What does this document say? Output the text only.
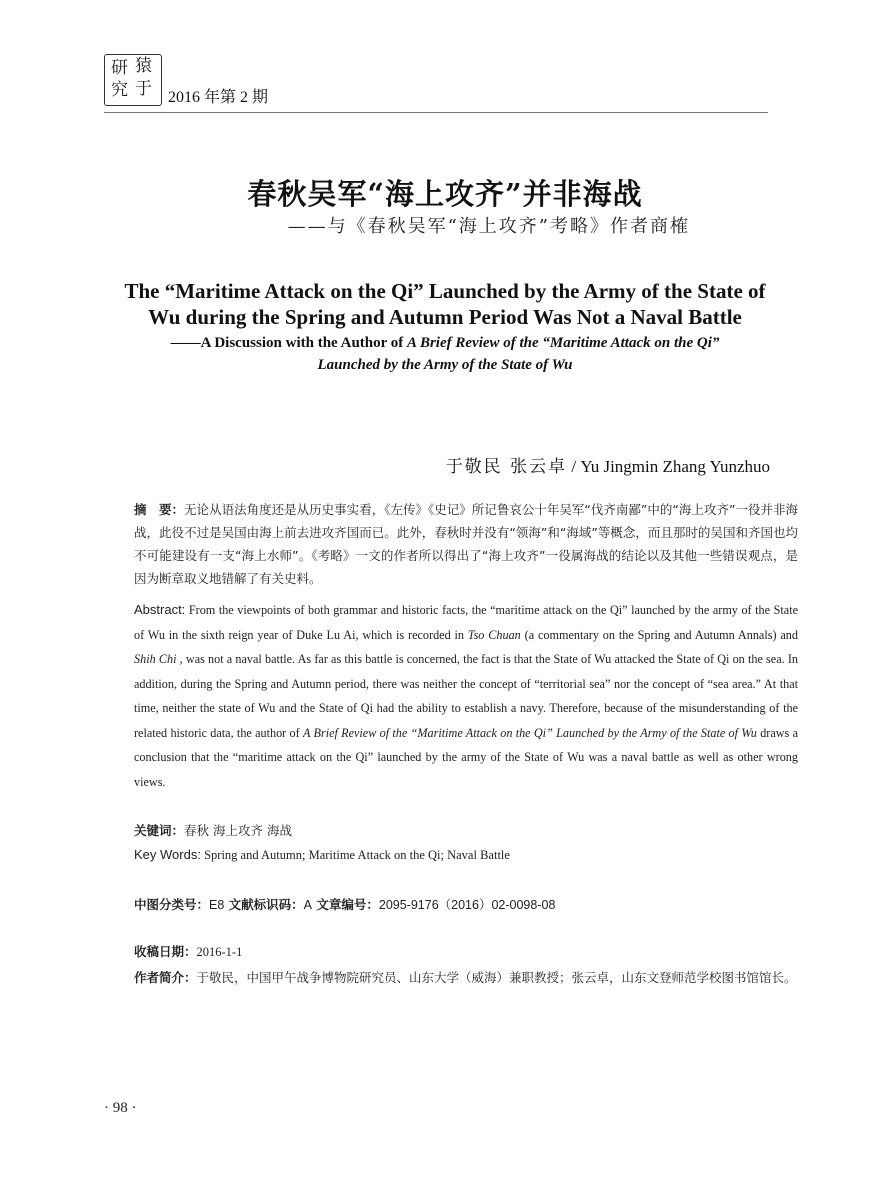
研 猿
究 于 2016 年第 2 期
春秋吴军“海上攻齐”并非海战
——与《春秋吴军“海上攻齐”考略》作者商榷
The “Maritime Attack on the Qi” Launched by the Army of the State of
Wu during the Spring and Autumn Period Was Not a Naval Battle
——A Discussion with the Author of A Brief Review of the “Maritime Attack on the Qi”
Launched by the Army of the State of Wu
于敬民 张云卓 / Yu Jingmin Zhang Yunzhuo
摘　要：无论从语法角度还是从历史事实看，《左传》《史记》所记鲁哀公十年吴军“伐齐南鄙”中的“海上攻齐”一役并非海战，此役不过是吴国由海上前去进攻齐国而已。此外，春秋时并没有“领海”和“海域”等概念，而且那时的吴国和齐国也均不可能建设有一支“海上水师”。《考略》一文的作者所以得出了“海上攻齐”一役属海战的结论以及其他一些错误观点，是因为断章取义地错解了有关史料。
Abstract: From the viewpoints of both grammar and historic facts, the “maritime attack on the Qi” launched by the army of the State of Wu in the sixth reign year of Duke Lu Ai, which is recorded in Tso Chuan (a commentary on the Spring and Autumn Annals) and Shih Chi , was not a naval battle. As far as this battle is concerned, the fact is that the State of Wu attacked the State of Qi on the sea. In addition, during the Spring and Autumn period, there was neither the concept of “territorial sea” nor the concept of “sea area.” At that time, neither the state of Wu and the State of Qi had the ability to establish a navy. Therefore, because of the misunderstanding of the related historic data, the author of A Brief Review of the “Maritime Attack on the Qi” Launched by the Army of the State of Wu draws a conclusion that the “maritime attack on the Qi” launched by the army of the State of Wu was a naval battle as well as other wrong views.
关键词：春秋 海上攻齐 海战
Key Words: Spring and Autumn; Maritime Attack on the Qi; Naval Battle
中图分类号：E8 文献标识码：A 文章编号：2095-9176（2016）02-0098-08
收稿日期：2016-1-1
作者简介：于敬民，中国甲午战争博物院研究员、山东大学（威海）兼职教授；张云卓，山东文登师范学校图书馆馆长。
· 98 ·
